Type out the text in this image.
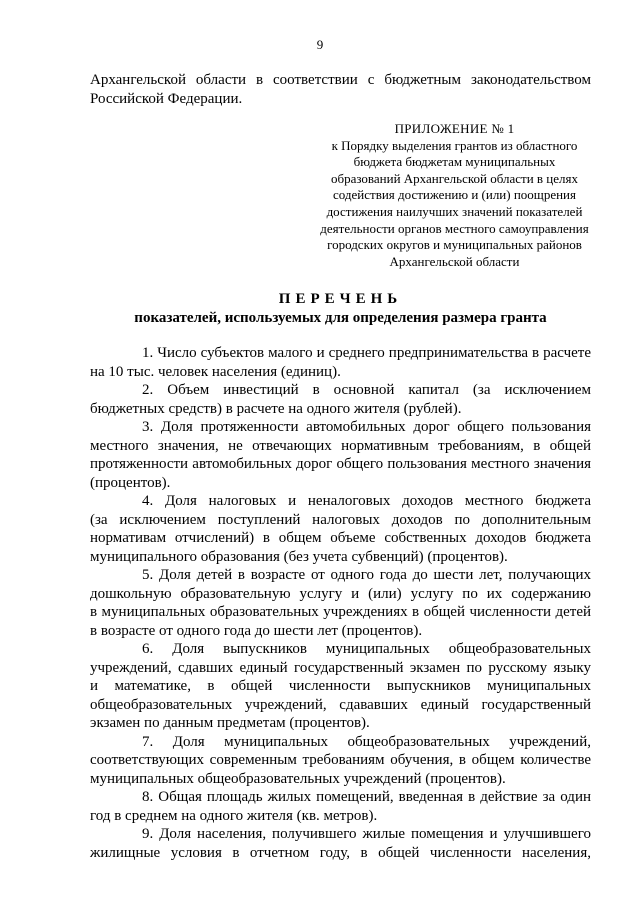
9
Архангельской области в соответствии с бюджетным законодательством
Российской Федерации.
ПРИЛОЖЕНИЕ № 1
к Порядку выделения грантов из областного
бюджета бюджетам муниципальных
образований Архангельской области в целях
содействия достижению и (или) поощрения
достижения наилучших значений показателей
деятельности органов местного самоуправления
городских округов и муниципальных районов
Архангельской области
ПЕРЕЧЕНЬ
показателей, используемых для определения размера гранта
1. Число субъектов малого и среднего предпринимательства в расчете
на 10 тыс. человек населения (единиц).
2. Объем инвестиций в основной капитал (за исключением
бюджетных средств) в расчете на одного жителя (рублей).
3. Доля протяженности автомобильных дорог общего пользования
местного значения, не отвечающих нормативным требованиям, в общей
протяженности автомобильных дорог общего пользования местного значения
(процентов).
4. Доля налоговых и неналоговых доходов местного бюджета
(за исключением поступлений налоговых доходов по дополнительным
нормативам отчислений) в общем объеме собственных доходов бюджета
муниципального образования (без учета субвенций) (процентов).
5. Доля детей в возрасте от одного года до шести лет, получающих
дошкольную образовательную услугу и (или) услугу по их содержанию
в муниципальных образовательных учреждениях в общей численности детей
в возрасте от одного года до шести лет (процентов).
6. Доля выпускников муниципальных общеобразовательных
учреждений, сдавших единый государственный экзамен по русскому языку
и математике, в общей численности выпускников муниципальных
общеобразовательных учреждений, сдававших единый государственный
экзамен по данным предметам (процентов).
7. Доля муниципальных общеобразовательных учреждений,
соответствующих современным требованиям обучения, в общем количестве
муниципальных общеобразовательных учреждений (процентов).
8. Общая площадь жилых помещений, введенная в действие за один
год в среднем на одного жителя (кв. метров).
9. Доля населения, получившего жилые помещения и улучшившего
жилищные условия в отчетном году, в общей численности населения,
